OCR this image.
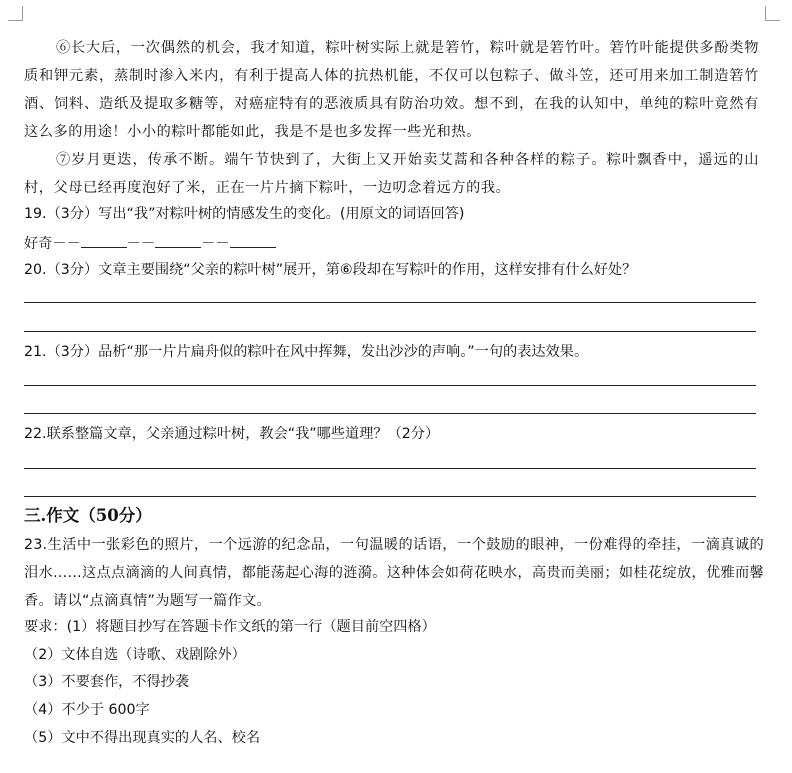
⑥长大后，一次偶然的机会，我才知道，粽叶树实际上就是箬竹，粽叶就是箬竹叶。箬竹叶能提供多酚类物质和钾元素，蒸制时渗入米内，有利于提高人体的抗热机能，不仅可以包粽子、做斗笠，还可用来加工制造箬竹酒、饲料、造纸及提取多糖等，对癌症特有的恶液质具有防治功效。想不到，在我的认知中，单纯的粽叶竟然有这么多的用途！小小的粽叶都能如此，我是不是也多发挥一些光和热。
⑦岁月更迭，传承不断。端午节快到了，大街上又开始卖艾蒿和各种各样的粽子。粽叶飘香中，遥远的山村，父母已经再度泡好了米，正在一片片摘下粽叶，一边叨念着远方的我。
19.（3分）写出“我”对粽叶树的情感发生的变化。(用原文的词语回答)
好奇－－	－－	－－
20.（3分）文章主要围绕“父亲的粽叶树”展开，第⑥段却在写粽叶的作用，这样安排有什么好处？
21.（3分）品析“那一片片扁舟似的粽叶在风中挥舞，发出沙沙的声响。”一句的表达效果。
22.联系整篇文章，父亲通过粽叶树，教会“我”哪些道理？（2分）
三.作文（50分）
23.生活中一张彩色的照片，一个远游的纪念品，一句温暖的话语，一个鼓励的眼神，一份难得的牵挂，一滴真诚的泪水……这点点滴滴的人间真情，都能荡起心海的涟漪。这种体会如荷花映水，高贵而美丽；如桂花绽放，优雅而馨香。请以“点滴真情”为题写一篇作文。
要求：(1）将题目抄写在答题卡作文纸的第一行（题目前空四格）
（2）文体自选（诗歌、戏剧除外）
（3）不要套作，不得抄袭
（4）不少于 600字
（5）文中不得出现真实的人名、校名
